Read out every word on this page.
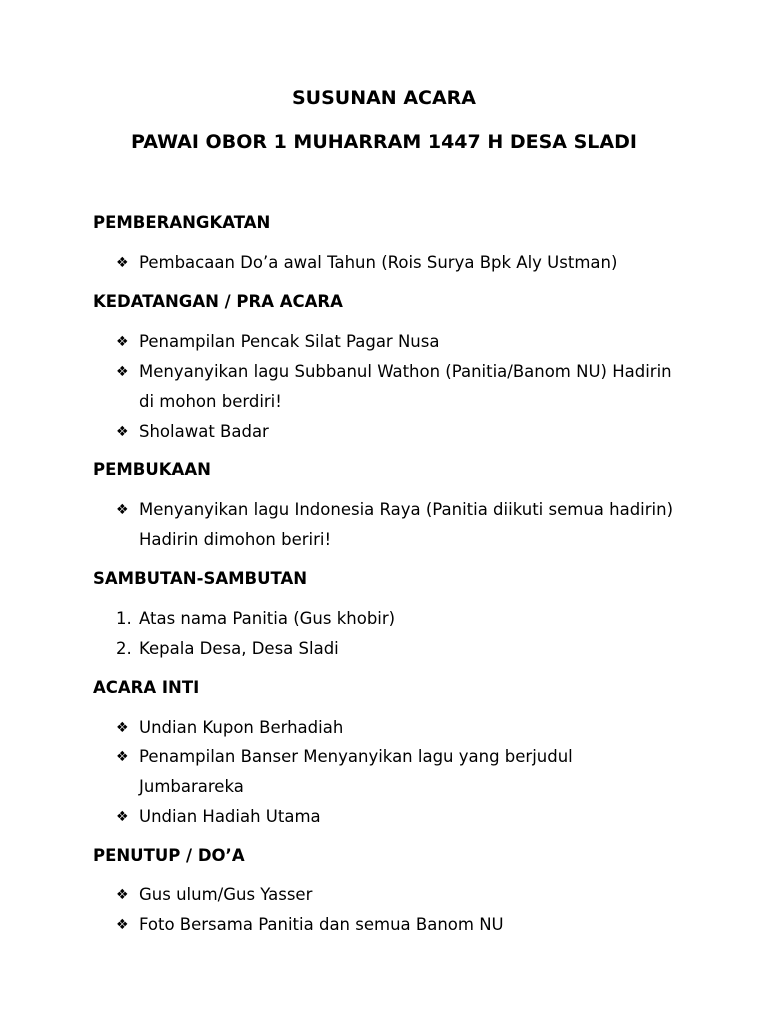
SUSUNAN ACARA
PAWAI OBOR 1 MUHARRAM 1447 H DESA SLADI
PEMBERANGKATAN
❖ Pembacaan Do’a awal Tahun (Rois Surya Bpk Aly Ustman)
KEDATANGAN / PRA ACARA
❖ Penampilan Pencak Silat Pagar Nusa
❖ Menyanyikan lagu Subbanul Wathon (Panitia/Banom NU) Hadirin di mohon berdiri!
❖ Sholawat Badar
PEMBUKAAN
❖ Menyanyikan lagu Indonesia Raya (Panitia diikuti semua hadirin) Hadirin dimohon beriri!
SAMBUTAN-SAMBUTAN
1. Atas nama Panitia (Gus khobir)
2. Kepala Desa, Desa Sladi
ACARA INTI
❖ Undian Kupon Berhadiah
❖ Penampilan Banser Menyanyikan lagu yang berjudul Jumbarareka
❖ Undian Hadiah Utama
PENUTUP / DO’A
❖ Gus ulum/Gus Yasser
❖ Foto Bersama Panitia dan semua Banom NU
